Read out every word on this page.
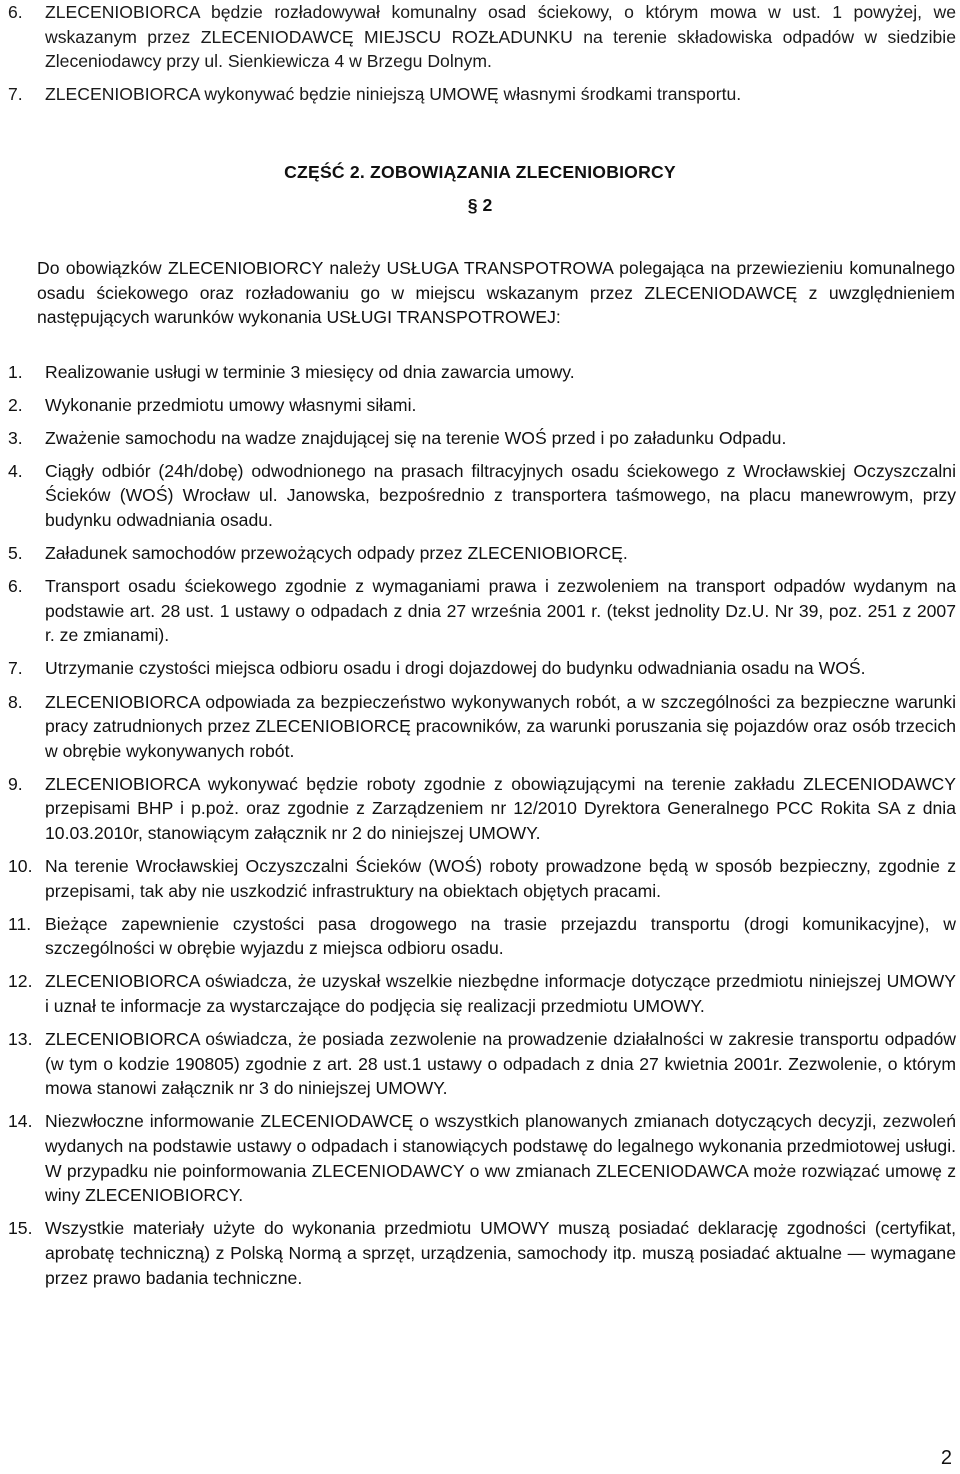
6. ZLECENIOBIORCA będzie rozładowywał komunalny osad ściekowy, o którym mowa w ust. 1 powyżej, we wskazanym przez ZLECENIODAWCĘ MIEJSCU ROZŁADUNKU na terenie składowiska odpadów w siedzibie Zleceniodawcy przy ul. Sienkiewicza 4 w Brzegu Dolnym.
7. ZLECENIOBIORCA wykonywać będzie niniejszą UMOWĘ własnymi środkami transportu.
CZĘŚĆ 2. ZOBOWIĄZANIA ZLECENIOBIORCY
§ 2
Do obowiązków ZLECENIOBIORCY należy USŁUGA TRANSPOTROWA polegająca na przewiezieniu komunalnego osadu ściekowego oraz rozładowaniu go w miejscu wskazanym przez ZLECENIODAWCĘ z uwzględnieniem następujących warunków wykonania USŁUGI TRANSPOTROWEJ:
1. Realizowanie usługi w terminie 3 miesięcy od dnia zawarcia umowy.
2. Wykonanie przedmiotu umowy własnymi siłami.
3. Zważenie samochodu na wadze znajdującej się na terenie WOŚ przed i po załadunku Odpadu.
4. Ciągły odbiór (24h/dobę) odwodnionego na prasach filtracyjnych osadu ściekowego z Wrocławskiej Oczyszczalni Ścieków (WOŚ) Wrocław ul. Janowska, bezpośrednio z transportera taśmowego, na placu manewrowym, przy budynku odwadniania osadu.
5. Załadunek samochodów przewożących odpady przez ZLECENIOBIORCĘ.
6. Transport osadu ściekowego zgodnie z wymaganiami prawa i zezwoleniem na transport odpadów wydanym na podstawie art. 28 ust. 1 ustawy o odpadach z dnia 27 września 2001 r. (tekst jednolity Dz.U. Nr 39, poz. 251 z 2007 r. ze zmianami).
7. Utrzymanie czystości miejsca odbioru osadu i drogi dojazdowej do budynku odwadniania osadu na WOŚ.
8. ZLECENIOBIORCA odpowiada za bezpieczeństwo wykonywanych robót, a w szczególności za bezpieczne warunki pracy zatrudnionych przez ZLECENIOBIORCĘ pracowników, za warunki poruszania się pojazdów oraz osób trzecich w obrębie wykonywanych robót.
9. ZLECENIOBIORCA wykonywać będzie roboty zgodnie z obowiązującymi na terenie zakładu ZLECENIODAWCY przepisami BHP i p.poż. oraz zgodnie z Zarządzeniem nr 12/2010 Dyrektora Generalnego PCC Rokita SA z dnia 10.03.2010r, stanowiącym załącznik nr 2 do niniejszej UMOWY.
10. Na terenie Wrocławskiej Oczyszczalni Ścieków (WOŚ) roboty prowadzone będą w sposób bezpieczny, zgodnie z przepisami, tak aby nie uszkodzić infrastruktury na obiektach objętych pracami.
11. Bieżące zapewnienie czystości pasa drogowego na trasie przejazdu transportu (drogi komunikacyjne), w szczególności w obrębie wyjazdu z miejsca odbioru osadu.
12. ZLECENIOBIORCA oświadcza, że uzyskał wszelkie niezbędne informacje dotyczące przedmiotu niniejszej UMOWY i uznał te informacje za wystarczające do podjęcia się realizacji przedmiotu UMOWY.
13. ZLECENIOBIORCA oświadcza, że posiada zezwolenie na prowadzenie działalności w zakresie transportu odpadów (w tym o kodzie 190805) zgodnie z art. 28 ust.1 ustawy o odpadach z dnia 27 kwietnia 2001r. Zezwolenie, o którym mowa stanowi załącznik nr 3 do niniejszej UMOWY.
14. Niezwłoczne informowanie ZLECENIODAWCĘ o wszystkich planowanych zmianach dotyczących decyzji, zezwoleń wydanych na podstawie ustawy o odpadach i stanowiących podstawę do legalnego wykonania przedmiotowej usługi. W przypadku nie poinformowania ZLECENIODAWCY o ww zmianach ZLECENIODAWCA może rozwiązać umowę z winy ZLECENIOBIORCY.
15. Wszystkie materiały użyte do wykonania przedmiotu UMOWY muszą posiadać deklarację zgodności (certyfikat, aprobatę techniczną) z Polską Normą a sprzęt, urządzenia, samochody itp. muszą posiadać aktualne — wymagane przez prawo badania techniczne.
2
